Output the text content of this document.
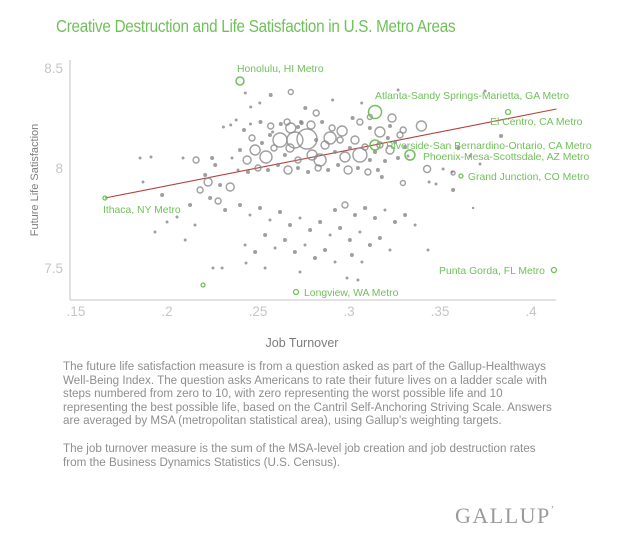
Creative Destruction and Life Satisfaction in U.S. Metro Areas
7.5
8
8.5
.15	.2	.25	.3	.35	.4
Future Life Satisfaction
Job Turnover
Honolulu, HI Metro
Atlanta-Sandy Springs-Marietta, GA Metro
El Centro, CA Metro
Riverside-San Bernardino-Ontario, CA Metro
Phoenix-Mesa-Scottsdale, AZ Metro
Grand Junction, CO Metro
Punta Gorda, FL Metro
Longview, WA Metro
Ithaca, NY Metro

The future life satisfaction measure is from a question asked as part of the Gallup-Healthways Well-Being Index. The question asks Americans to rate their future lives on a ladder scale with steps numbered from zero to 10, with zero representing the worst possible life and 10 representing the best possible life, based on the Cantril Self-Anchoring Striving Scale. Answers are averaged by MSA (metropolitan statistical area), using Gallup's weighting targets.

The job turnover measure is the sum of the MSA-level job creation and job destruction rates from the Business Dynamics Statistics (U.S. Census).

$GALLUP^ʼ$
